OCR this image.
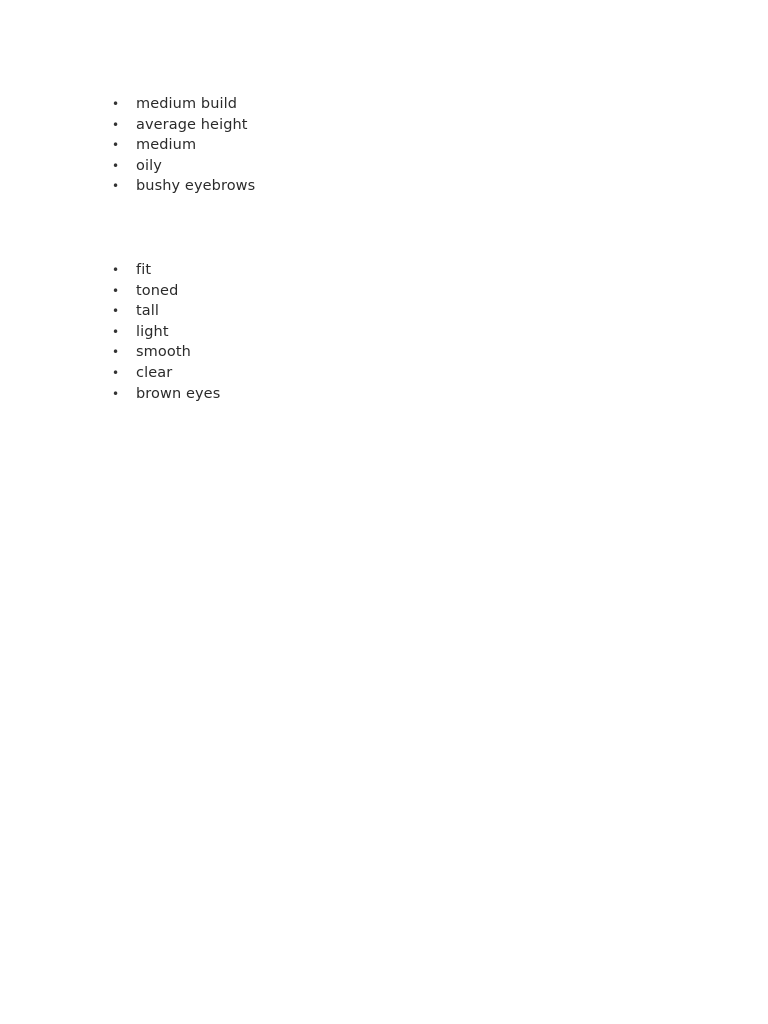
•	medium build
•	average height
•	medium
•	oily
•	bushy eyebrows
•	fit
•	toned
•	tall
•	light
•	smooth
•	clear
•	brown eyes
